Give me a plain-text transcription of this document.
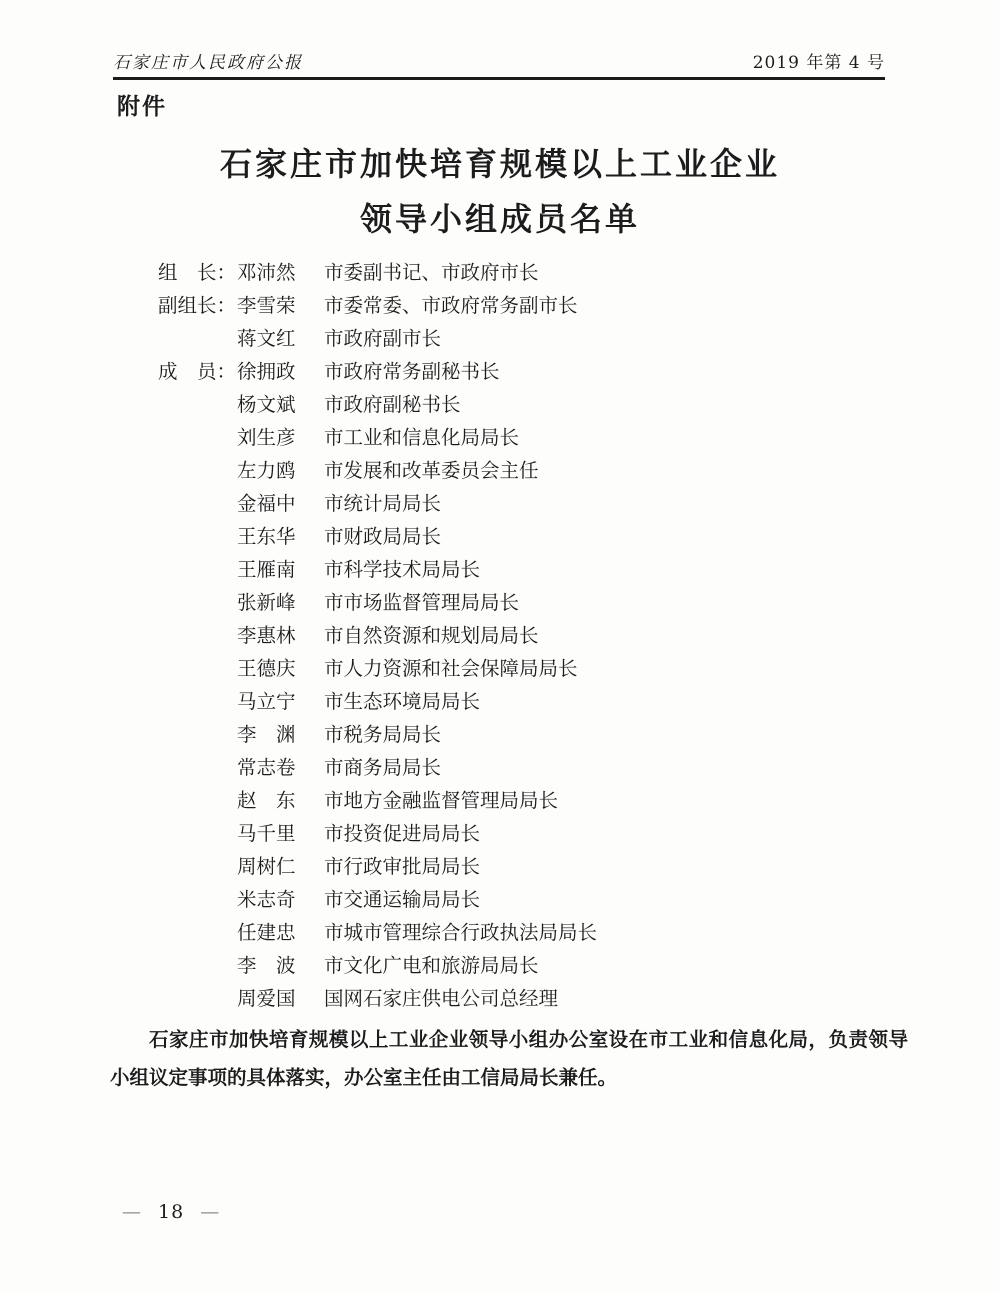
石家庄市人民政府公报	2019 年第 4 号
附件
石家庄市加快培育规模以上工业企业
领导小组成员名单
组　长：邓沛然 市委副书记、市政府市长
副组长：李雪荣 市委常委、市政府常务副市长
蒋文红 市政府副市长
成　员：徐拥政 市政府常务副秘书长
杨文斌 市政府副秘书长
刘生彦 市工业和信息化局局长
左力鸥 市发展和改革委员会主任
金福中 市统计局局长
王东华 市财政局局长
王雁南 市科学技术局局长
张新峰 市市场监督管理局局长
李惠林 市自然资源和规划局局长
王德庆 市人力资源和社会保障局局长
马立宁 市生态环境局局长
李　渊 市税务局局长
常志卷 市商务局局长
赵　东 市地方金融监督管理局局长
马千里 市投资促进局局长
周树仁 市行政审批局局长
米志奇 市交通运输局局长
任建忠 市城市管理综合行政执法局局长
李　波 市文化广电和旅游局局长
周爱国 国网石家庄供电公司总经理

石家庄市加快培育规模以上工业企业领导小组办公室设在市工业和信息化局，负责领导小组议定事项的具体落实，办公室主任由工信局局长兼任。

— 18 —
